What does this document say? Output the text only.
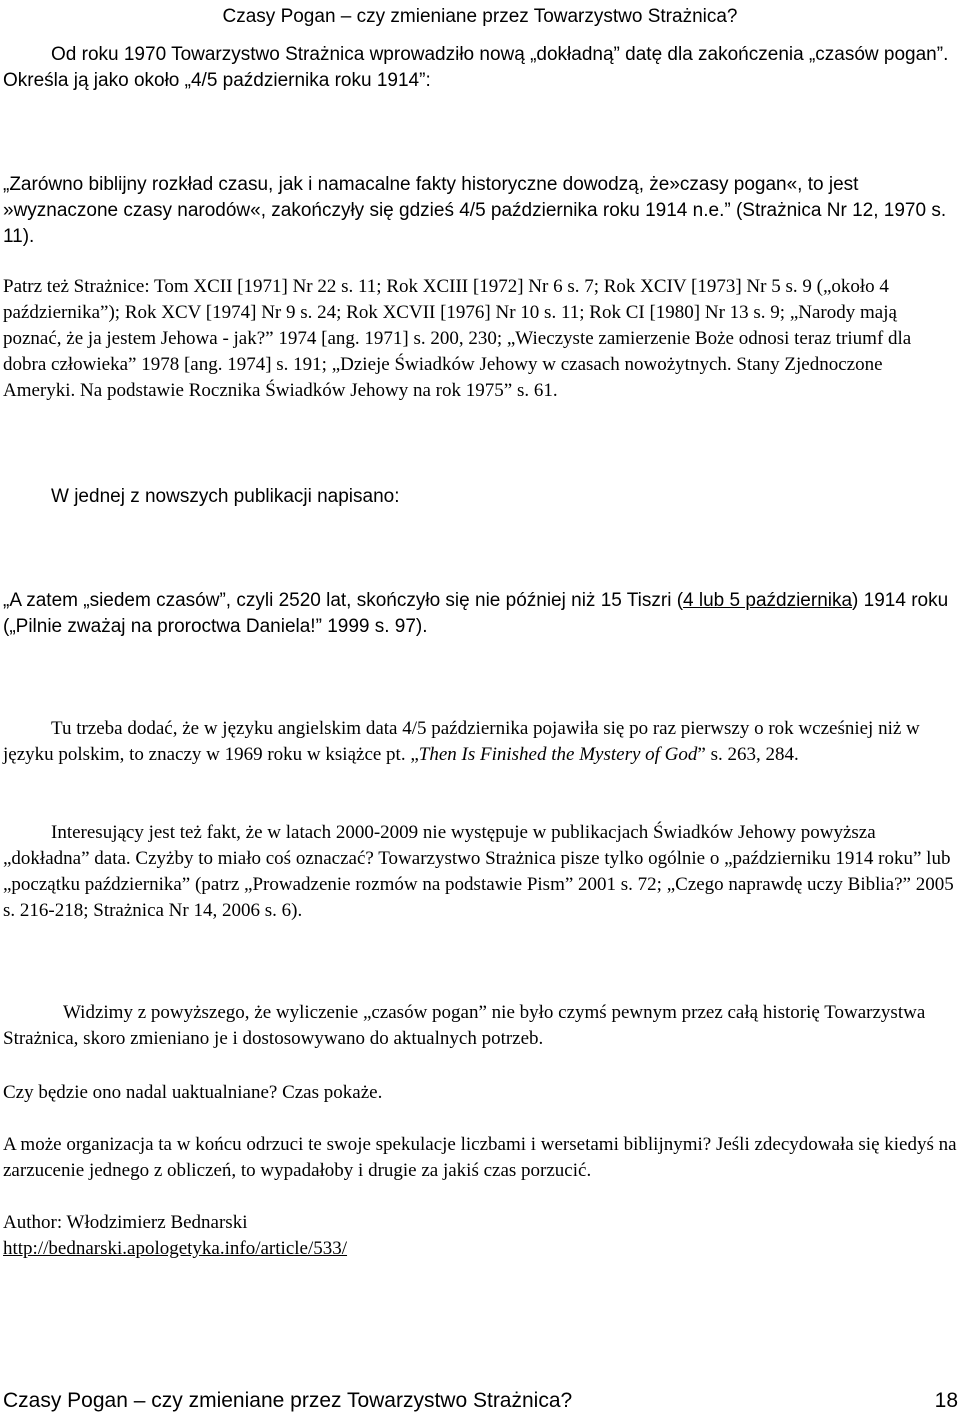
Czasy Pogan – czy zmieniane przez Towarzystwo Strażnica?

Od roku 1970 Towarzystwo Strażnica wprowadziło nową „dokładną” datę dla zakończenia „czasów pogan”. Określa ją jako około „4/5 października roku 1914”:

„Zarówno biblijny rozkład czasu, jak i namacalne fakty historyczne dowodzą, że»czasy pogan«, to jest »wyznaczone czasy narodów«, zakończyły się gdzieś 4/5 października roku 1914 n.e.” (Strażnica Nr 12, 1970 s. 11).

Patrz też Strażnice: Tom XCII [1971] Nr 22 s. 11; Rok XCIII [1972] Nr 6 s. 7; Rok XCIV [1973] Nr 5 s. 9 („około 4 października”); Rok XCV [1974] Nr 9 s. 24; Rok XCVII [1976] Nr 10 s. 11; Rok CI [1980] Nr 13 s. 9; „Narody mają poznać, że ja jestem Jehowa - jak?” 1974 [ang. 1971] s. 200, 230; „Wieczyste zamierzenie Boże odnosi teraz triumf dla dobra człowieka” 1978 [ang. 1974] s. 191; „Dzieje Świadków Jehowy w czasach nowożytnych. Stany Zjednoczone Ameryki. Na podstawie Rocznika Świadków Jehowy na rok 1975” s. 61.

W jednej z nowszych publikacji napisano:

„A zatem „siedem czasów”, czyli 2520 lat, skończyło się nie później niż 15 Tiszri (4 lub 5 października) 1914 roku („Pilnie zważaj na proroctwa Daniela!” 1999 s. 97).

Tu trzeba dodać, że w języku angielskim data 4/5 października pojawiła się po raz pierwszy o rok wcześniej niż w języku polskim, to znaczy w 1969 roku w książce pt. „Then Is Finished the Mystery of God” s. 263, 284.

Interesujący jest też fakt, że w latach 2000-2009 nie występuje w publikacjach Świadków Jehowy powyższa „dokładna” data. Czyżby to miało coś oznaczać? Towarzystwo Strażnica pisze tylko ogólnie o „październiku 1914 roku” lub „początku października” (patrz „Prowadzenie rozmów na podstawie Pism” 2001 s. 72; „Czego naprawdę uczy Biblia?” 2005 s. 216-218; Strażnica Nr 14, 2006 s. 6).

Widzimy z powyższego, że wyliczenie „czasów pogan” nie było czymś pewnym przez całą historię Towarzystwa Strażnica, skoro zmieniano je i dostosowywano do aktualnych potrzeb.

Czy będzie ono nadal uaktualniane? Czas pokaże.

A może organizacja ta w końcu odrzuci te swoje spekulacje liczbami i wersetami biblijnymi? Jeśli zdecydowała się kiedyś na zarzucenie jednego z obliczeń, to wypadałoby i drugie za jakiś czas porzucić.

Author: Włodzimierz Bednarski

http://bednarski.apologetyka.info/article/533/

Czasy Pogan – czy zmieniane przez Towarzystwo Strażnica?	18
